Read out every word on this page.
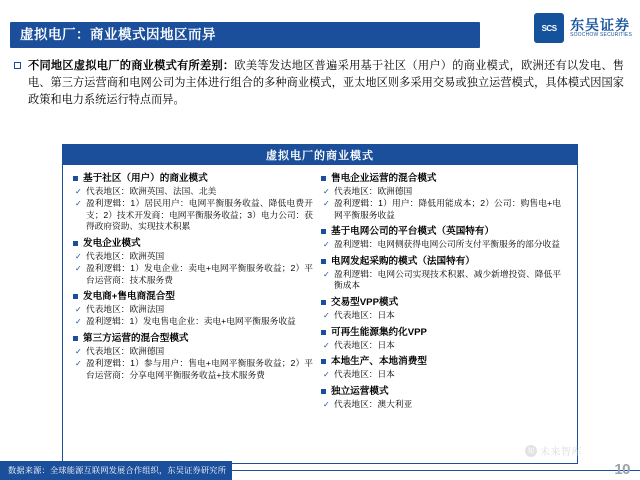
虚拟电厂：商业模式因地区而异	SCS 东吴证券
SOOCHOW SECURITIES
不同地区虚拟电厂的商业模式有所差别：欧美等发达地区普遍采用基于社区（用户）的商业模式，欧洲还有以发电、售电、第三方运营商和电网公司为主体进行组合的多种商业模式，亚太地区则多采用交易或独立运营模式，具体模式因国家政策和电力系统运行特点而异。
虚拟电厂的商业模式
基于社区（用户）的商业模式
✓ 代表地区：欧洲英国、法国、北美
✓ 盈利逻辑：1）居民用户：电网平衡服务收益、降低电费开支；2）技术开发商：电网平衡服务收益；3）电力公司：获得政府资助、实现技术积累
发电企业模式
✓ 代表地区：欧洲英国
✓ 盈利逻辑：1）发电企业：卖电+电网平衡服务收益；2）平台运营商：技术服务费
发电商+售电商混合型
✓ 代表地区：欧洲法国
✓ 盈利逻辑：1）发电售电企业：卖电+电网平衡服务收益
第三方运营的混合型模式
✓ 代表地区：欧洲德国
✓ 盈利逻辑：1）参与用户：售电+电网平衡服务收益；2）平台运营商：分享电网平衡服务收益+技术服务费
售电企业运营的混合模式
✓ 代表地区：欧洲德国
✓ 盈利逻辑：1）用户：降低用能成本；2）公司：购售电+电网平衡服务收益
基于电网公司的平台模式（英国特有）
✓ 盈利逻辑：电网侧获得电网公司所支付平衡服务的部分收益
电网发起采购的模式（法国特有）
✓ 盈利逻辑：电网公司实现技术积累、减少新增投资、降低平衡成本
交易型VPP模式
✓ 代表地区：日本
可再生能源集约化VPP
✓ 代表地区：日本
本地生产、本地消费型
✓ 代表地区：日本
独立运营模式
✓ 代表地区：澳大利亚
数据来源：全球能源互联网发展合作组织，东吴证券研究所
知 未来智库
10
